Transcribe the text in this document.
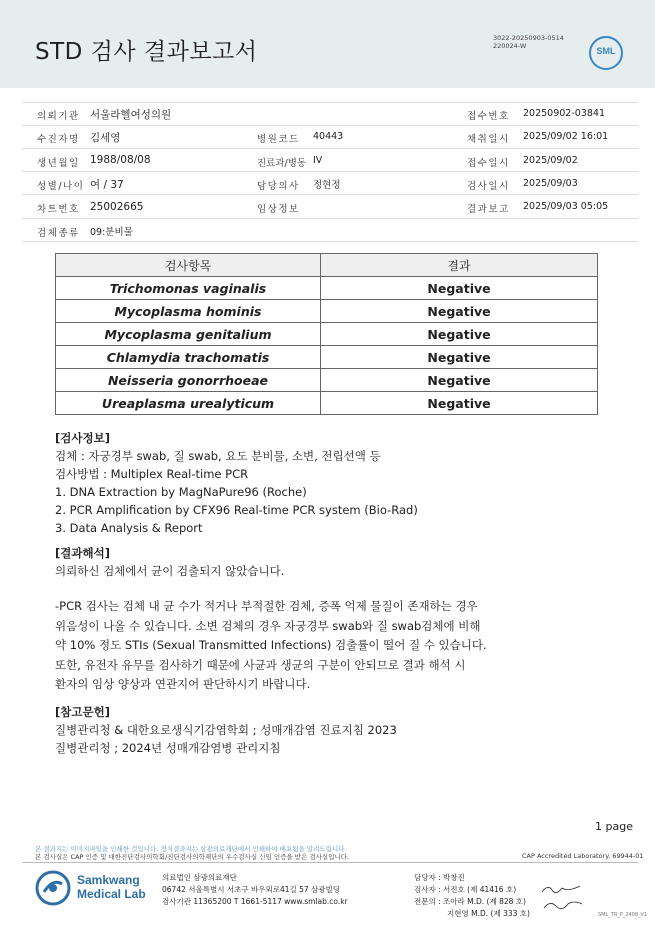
STD 검사 결과보고서
3022-20250903-0514
220024-W	SML
의뢰기관 서울라헬여성의원	접수번호 20250902-03841
수진자명 김세영	병원코드 40443	채취일시 2025/09/02 16:01
생년월일 1988/08/08	진료과/병동 IV	접수일시 2025/09/02
성별/나이 여 / 37	담당의사 정현정	검사일시 2025/09/03
차트번호 25002665	임상정보	결과보고 2025/09/03 05:05
검체종류 09:분비물
검사항목	결과
Trichomonas vaginalis	Negative
Mycoplasma hominis	Negative
Mycoplasma genitalium	Negative
Chlamydia trachomatis	Negative
Neisseria gonorrhoeae	Negative
Ureaplasma urealyticum	Negative
[검사정보]
검체 : 자궁경부 swab, 질 swab, 요도 분비물, 소변, 전립선액 등
검사방법 : Multiplex Real-time PCR
1. DNA Extraction by MagNaPure96 (Roche)
2. PCR Amplification by CFX96 Real-time PCR system (Bio-Rad)
3. Data Analysis & Report
[결과해석]
의뢰하신 검체에서 균이 검출되지 않았습니다.
-PCR 검사는 검체 내 균 수가 적거나 부적절한 검체, 증폭 억제 물질이 존재하는 경우
위음성이 나올 수 있습니다. 소변 검체의 경우 자궁경부 swab와 질 swab검체에 비해
약 10% 정도 STIs (Sexual Transmitted Infections) 검출률이 떨어 질 수 있습니다.
또한, 유전자 유무를 검사하기 때문에 사균과 생균의 구분이 안되므로 결과 해석 시
환자의 임상 양상과 연관지어 판단하시기 바랍니다.
[참고문헌]
질병관리청 & 대한요로생식기감염학회 ; 성매개감염 진료지침 2023
질병관리청 ; 2024년 성매개감염병 관리지침
1 page
본 결과지는 이미지파일을 인쇄한 것입니다. 정식결과지는 삼광의료재단에서 인쇄하여 배포됨을 알려드립니다.
본 검사실은 CAP 인증 및 대한진단검사의학회/진단검사의학재단의 우수검사실 신임 인증을 받은 검사실입니다.	CAP Accredited Laboratory. 69944-01
Samkwang
Medical Lab
의료법인 삼광의료재단
06742 서울특별시 서초구 바우뫼로41길 57 삼광빌딩
검사기관 11365200 T 1661-5117 www.smlab.co.kr
담당자 : 박창진
검사자 : 서진호 (제 41416 호)
전문의 : 조아라 M.D. (제 828 호)
지현영 M.D. (제 333 호)	SML_TR_P_2408_V1
